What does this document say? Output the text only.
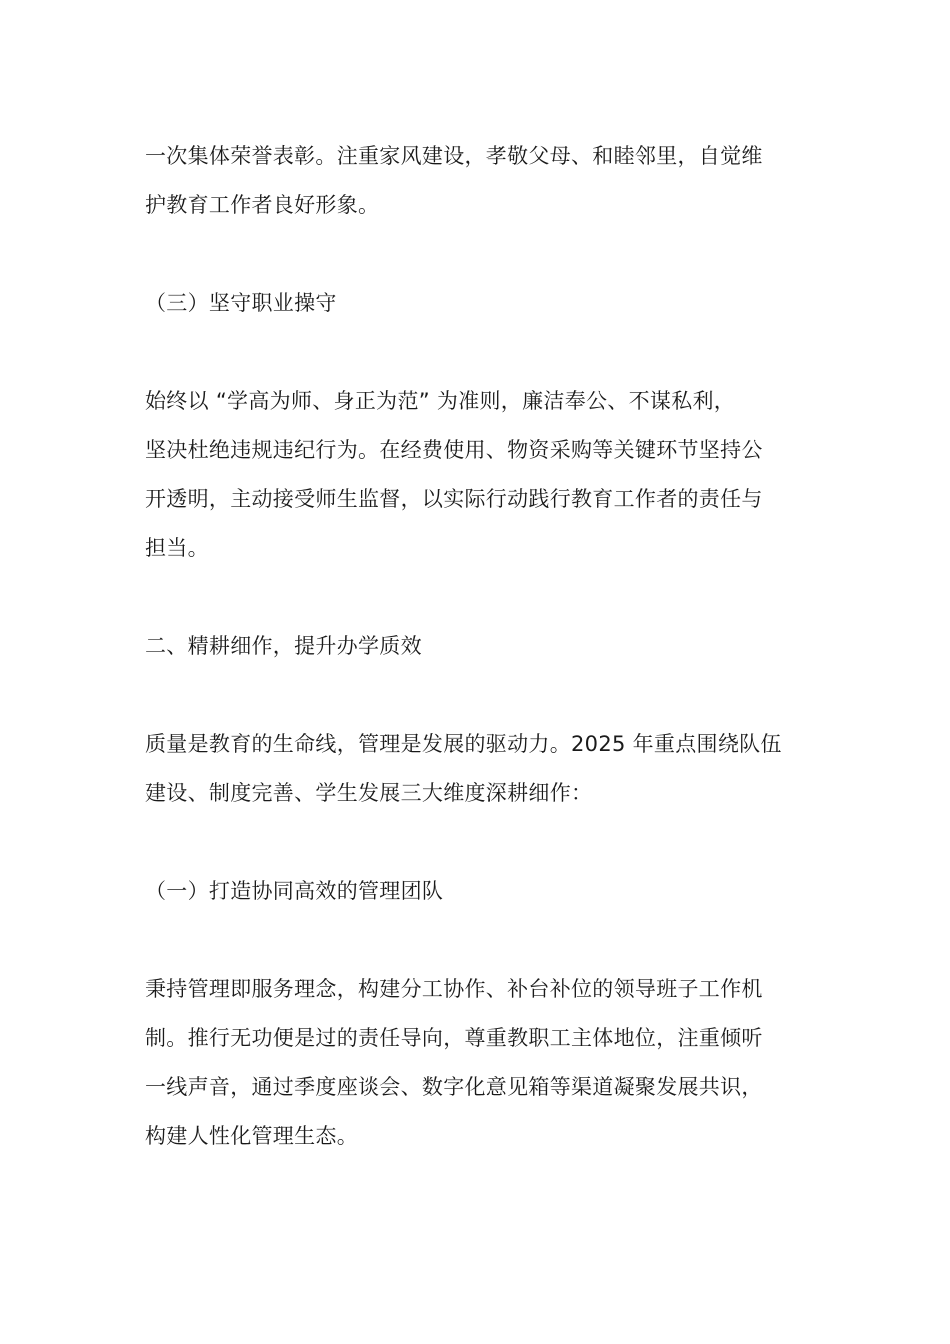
一次集体荣誉表彰。注重家风建设，孝敬父母、和睦邻里，自觉维
护教育工作者良好形象。
（三）坚守职业操守
始终以 “学高为师、身正为范” 为准则，廉洁奉公、不谋私利，
坚决杜绝违规违纪行为。在经费使用、物资采购等关键环节坚持公
开透明，主动接受师生监督，以实际行动践行教育工作者的责任与
担当。
二、精耕细作，提升办学质效
质量是教育的生命线，管理是发展的驱动力。2025 年重点围绕队伍
建设、制度完善、学生发展三大维度深耕细作：
（一）打造协同高效的管理团队
秉持管理即服务理念，构建分工协作、补台补位的领导班子工作机
制。推行无功便是过的责任导向，尊重教职工主体地位，注重倾听
一线声音，通过季度座谈会、数字化意见箱等渠道凝聚发展共识，
构建人性化管理生态。
